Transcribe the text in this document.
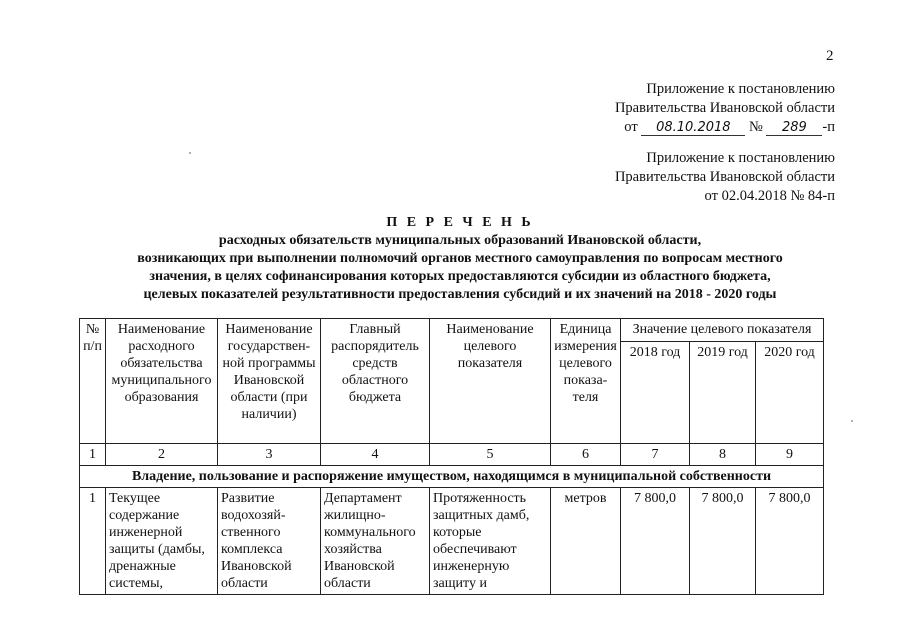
2
Приложение к постановлению
Правительства Ивановской области
от 08.10.2018 № 289 -п
Приложение к постановлению
Правительства Ивановской области
от 02.04.2018 № 84-п
П Е Р Е Ч Е Н Ь
расходных обязательств муниципальных образований Ивановской области,
возникающих при выполнении полномочий органов местного самоуправления по вопросам местного
значения, в целях софинансирования которых предоставляются субсидии из областного бюджета,
целевых показателей результативности предоставления субсидий и их значений на 2018 - 2020 годы
№ п/п	Наименование расходного обязательства муниципального образования	Наименование государствен-ной программы Ивановской области (при наличии)	Главный распорядитель средств областного бюджета	Наименование целевого показателя	Единица измерения целевого показа-теля	Значение целевого показателя		
						2018 год	2019 год	2020 год
1	2	3	4	5	6	7	8	9
Владение, пользование и распоряжение имуществом, находящимся в муниципальной собственности								
1	Текущее содержание инженерной защиты (дамбы, дренажные системы,	Развитие водохозяй-ственного комплекса Ивановской области	Департамент жилищно-коммунального хозяйства Ивановской области	Протяженность защитных дамб, которые обеспечивают инженерную защиту и	метров	7 800,0	7 800,0	7 800,0
